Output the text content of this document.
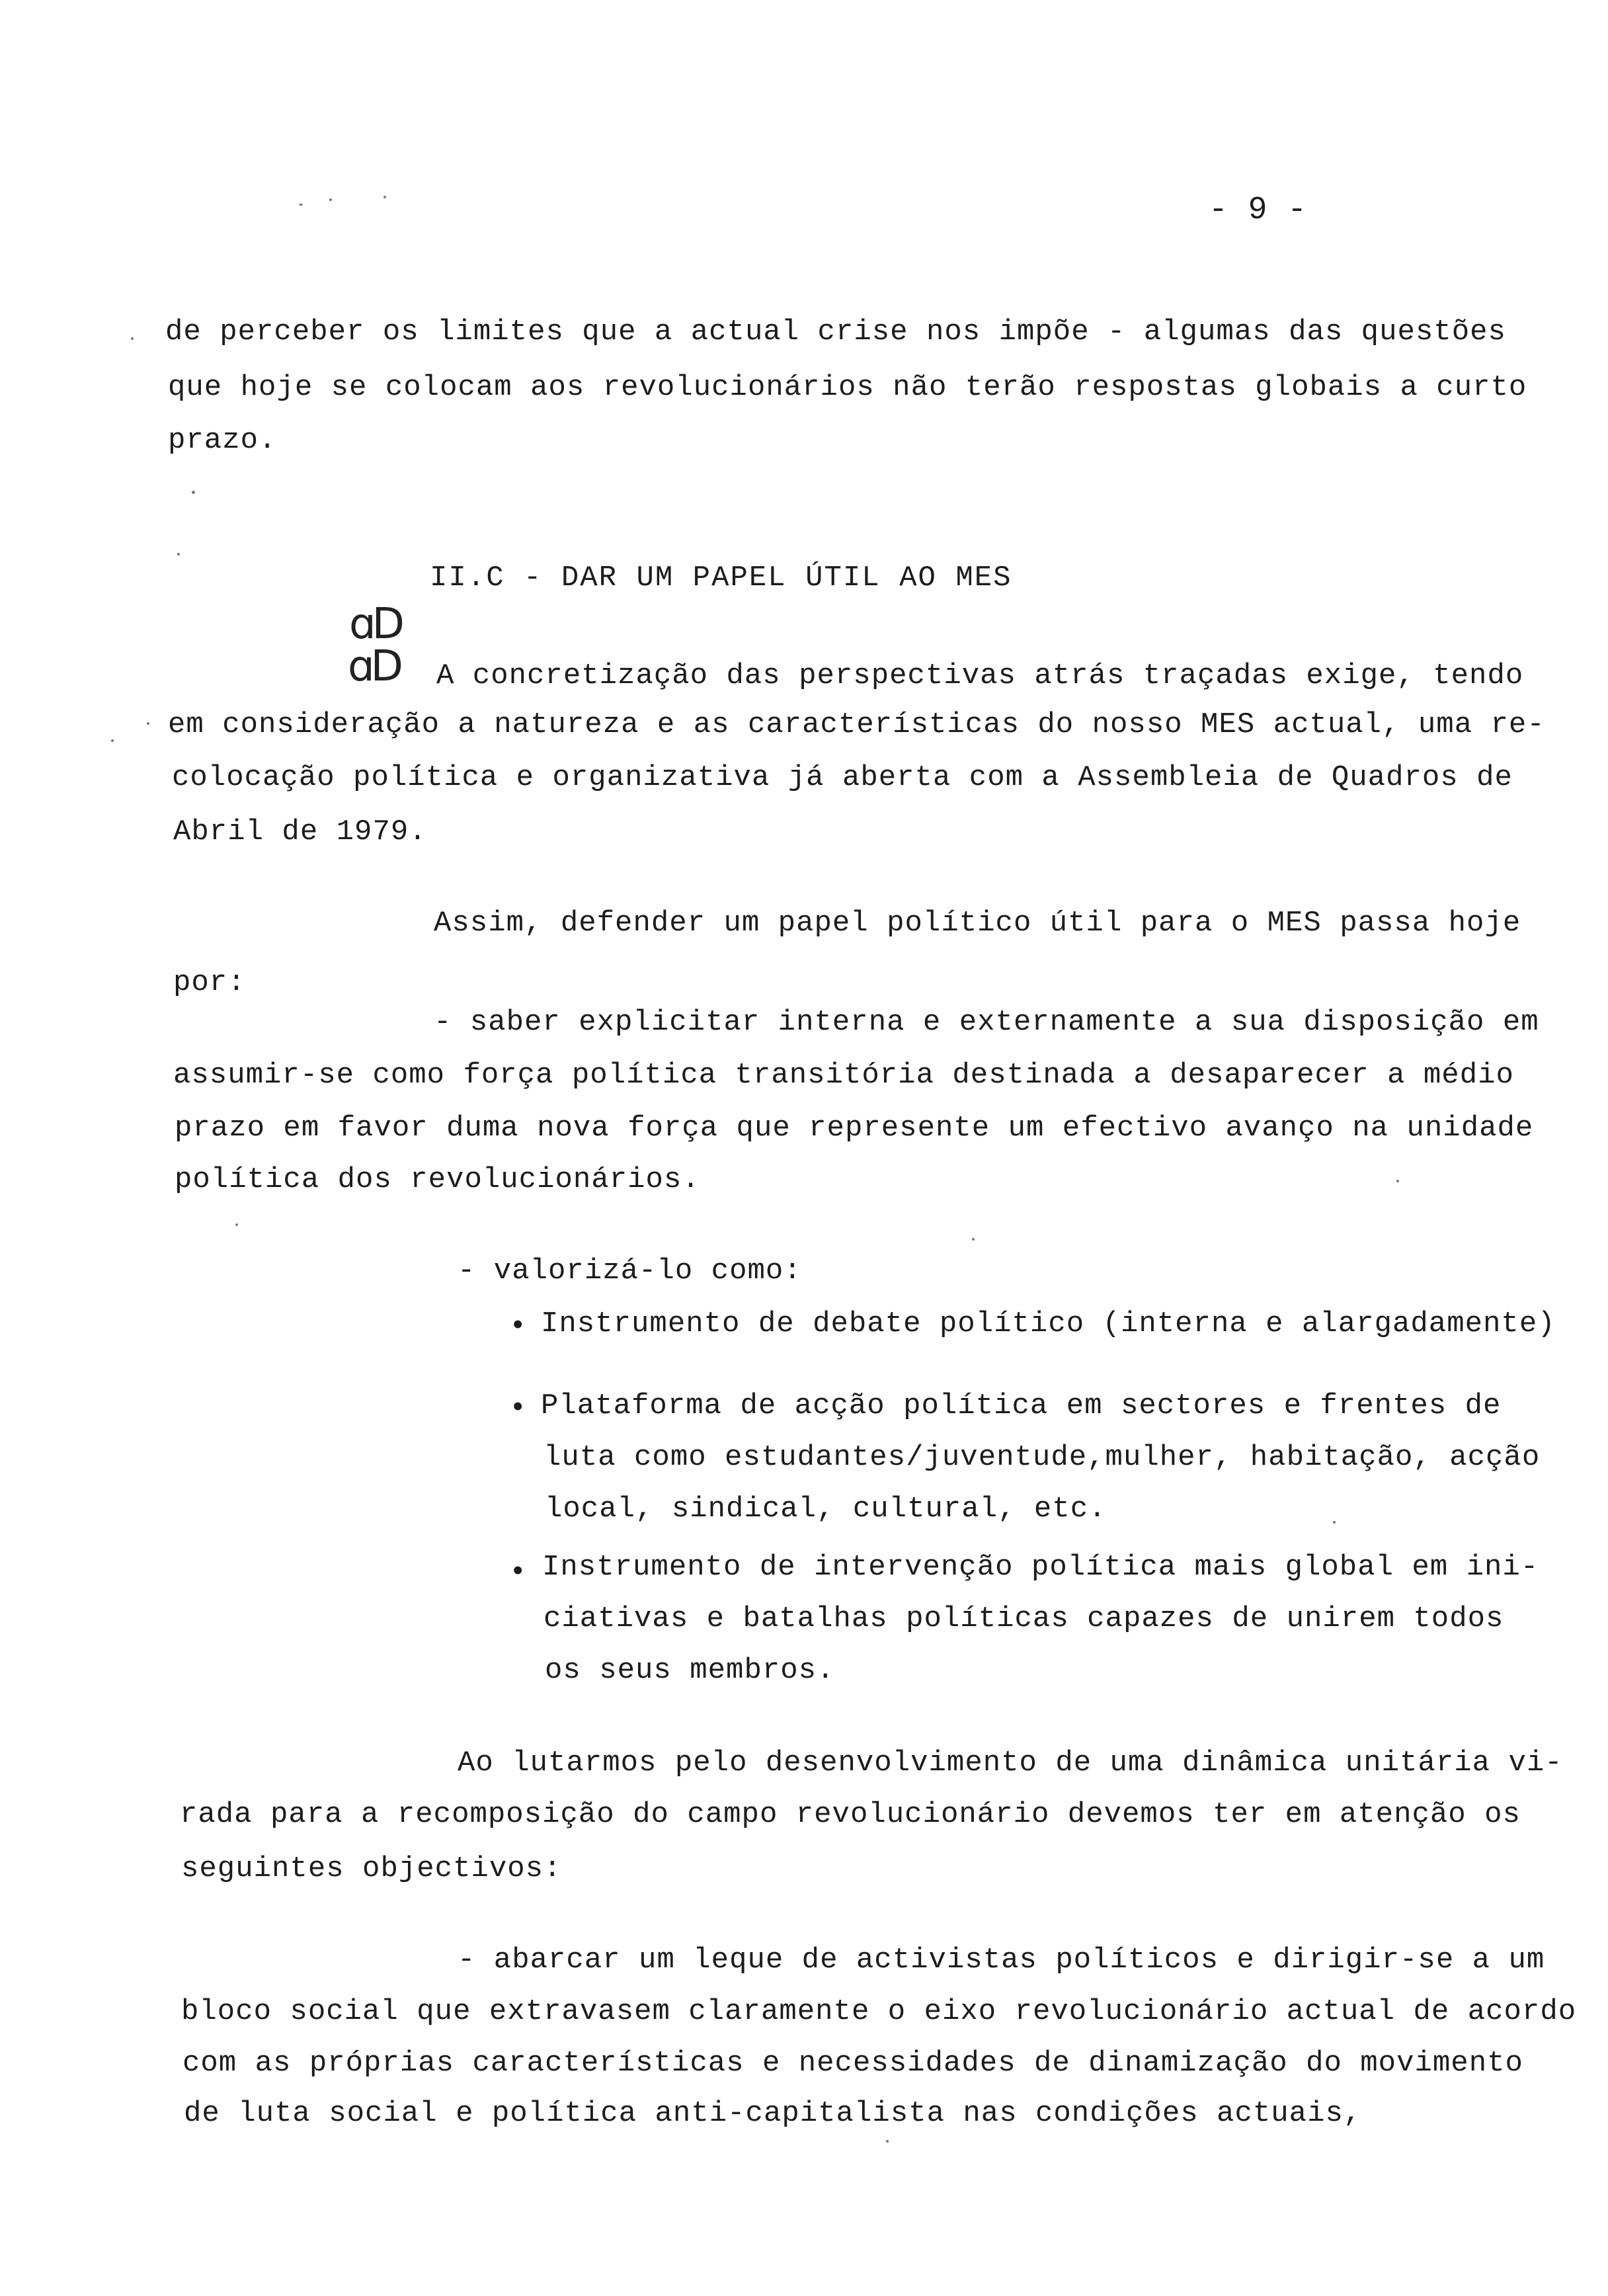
- 9 -
de perceber os limites que a actual crise nos impõe - algumas das questões
que hoje se colocam aos revolucionários não terão respostas globais a curto
prazo.
II.C - DAR UM PAPEL ÚTIL AO MES
ɑD
ɑD A concretização das perspectivas atrás traçadas exige, tendo
em consideração a natureza e as características do nosso MES actual, uma re-
colocação política e organizativa já aberta com a Assembleia de Quadros de
Abril de 1979.
Assim, defender um papel político útil para o MES passa hoje
por:
- saber explicitar interna e externamente a sua disposição em
assumir-se como força política transitória destinada a desaparecer a médio
prazo em favor duma nova força que represente um efectivo avanço na unidade
política dos revolucionários.
- valorizá-lo como:
• Instrumento de debate político (interna e alargadamente)
• Plataforma de acção política em sectores e frentes de
luta como estudantes/juventude,mulher, habitação, acção
local, sindical, cultural, etc.
• Instrumento de intervenção política mais global em ini-
ciativas e batalhas políticas capazes de unirem todos
os seus membros.
Ao lutarmos pelo desenvolvimento de uma dinâmica unitária vi-
rada para a recomposição do campo revolucionário devemos ter em atenção os
seguintes objectivos:
- abarcar um leque de activistas políticos e dirigir-se a um
bloco social que extravasem claramente o eixo revolucionário actual de acordo
com as próprias características e necessidades de dinamização do movimento
de luta social e política anti-capitalista nas condições actuais,
